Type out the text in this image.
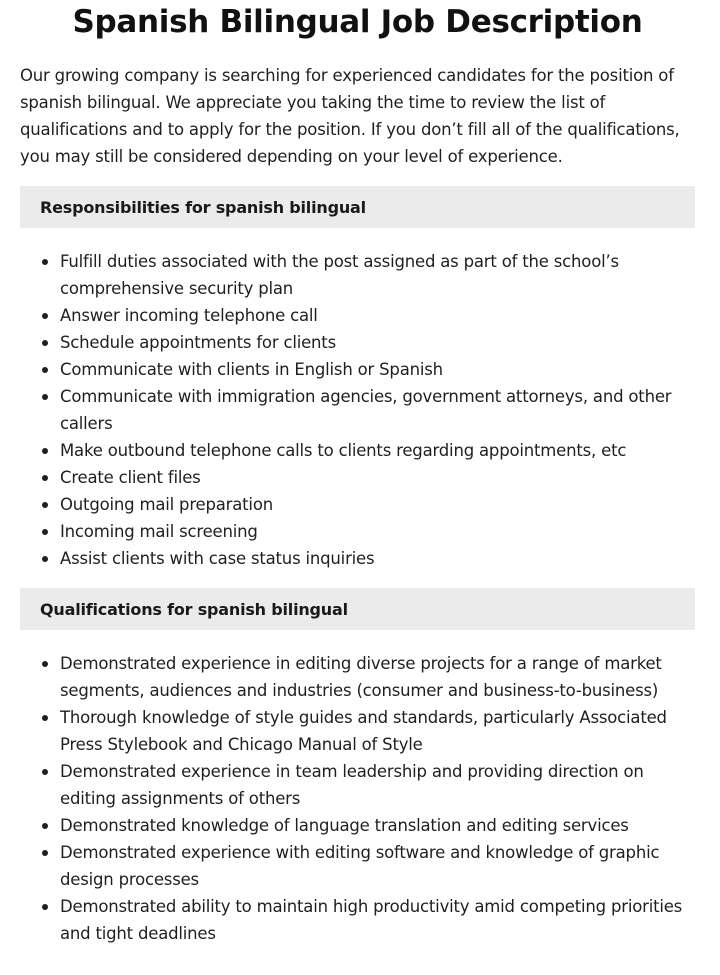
Spanish Bilingual Job Description

Our growing company is searching for experienced candidates for the position of spanish bilingual. We appreciate you taking the time to review the list of qualifications and to apply for the position. If you don’t fill all of the qualifications, you may still be considered depending on your level of experience.

Responsibilities for spanish bilingual
Fulfill duties associated with the post assigned as part of the school’s comprehensive security plan
Answer incoming telephone call
Schedule appointments for clients
Communicate with clients in English or Spanish
Communicate with immigration agencies, government attorneys, and other callers
Make outbound telephone calls to clients regarding appointments, etc
Create client files
Outgoing mail preparation
Incoming mail screening
Assist clients with case status inquiries
Qualifications for spanish bilingual
Demonstrated experience in editing diverse projects for a range of market segments, audiences and industries (consumer and business-to-business)
Thorough knowledge of style guides and standards, particularly Associated Press Stylebook and Chicago Manual of Style
Demonstrated experience in team leadership and providing direction on editing assignments of others
Demonstrated knowledge of language translation and editing services
Demonstrated experience with editing software and knowledge of graphic design processes
Demonstrated ability to maintain high productivity amid competing priorities and tight deadlines
